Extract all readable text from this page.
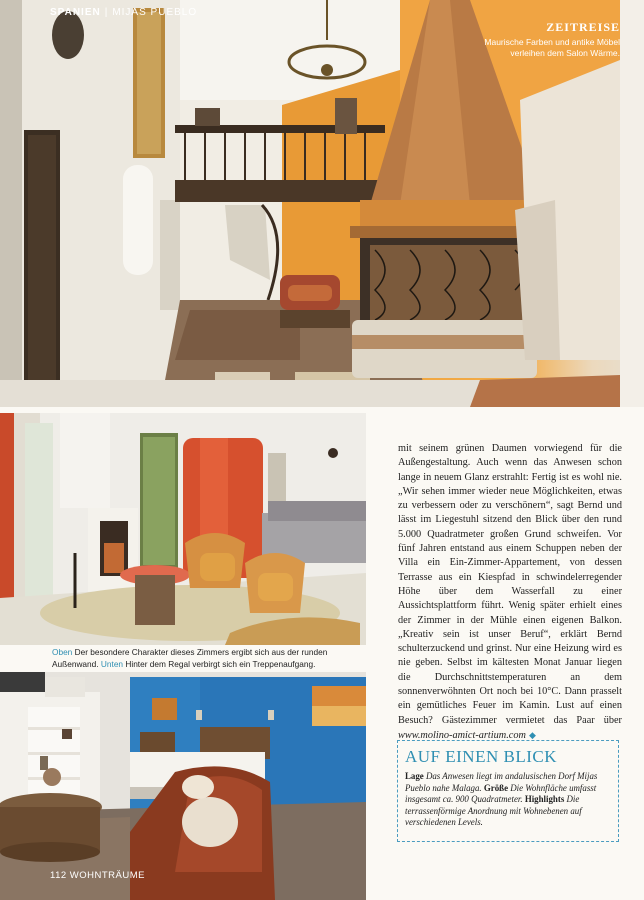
SPANIEN | MIJAS PUEBLO
ZEITREISE

Maurische Farben und antike Möbel verleihen dem Salon Wärme.

Oben Der besondere Charakter dieses Zimmers ergibt sich aus der runden Außenwand. Unten Hinter dem Regal verbirgt sich ein Treppenaufgang.
112 WOHNTRÄUME
mit seinem grünen Daumen vorwiegend für die Außengestaltung. Auch wenn das Anwesen schon lange in neuem Glanz erstrahlt: Fertig ist es wohl nie. „Wir sehen immer wieder neue Möglichkeiten, etwas zu verbessern oder zu verschönern“, sagt Bernd und lässt im Liegestuhl sitzend den Blick über den rund 5.000 Quadratmeter großen Grund schweifen. Vor fünf Jahren entstand aus einem Schuppen neben der Villa ein Ein-Zimmer-Appartement, von dessen Terrasse aus ein Kiespfad in schwindelerregender Höhe über dem Wasserfall zu einer Aussichtsplattform führt. Wenig später erhielt eines der Zimmer in der Mühle einen eigenen Balkon. „Kreativ sein ist unser Beruf“, erklärt Bernd schulterzuckend und grinst. Nur eine Heizung wird es nie geben. Selbst im kältesten Monat Januar liegen die Durchschnittstemperaturen an dem sonnenverwöhnten Ort noch bei 10°C. Dann prasselt ein gemütliches Feuer im Kamin. Lust auf einen Besuch? Gästezimmer vermietet das Paar über www.molino-amict-artium.com ◆
AUF EINEN BLICK

Lage Das Anwesen liegt im andalusischen Dorf Mijas Pueblo nahe Malaga. Größe Die Wohnfläche umfasst insgesamt ca. 900 Quadratmeter. Highlights Die terrassenförmige Anordnung mit Wohnebenen auf verschiedenen Levels.
